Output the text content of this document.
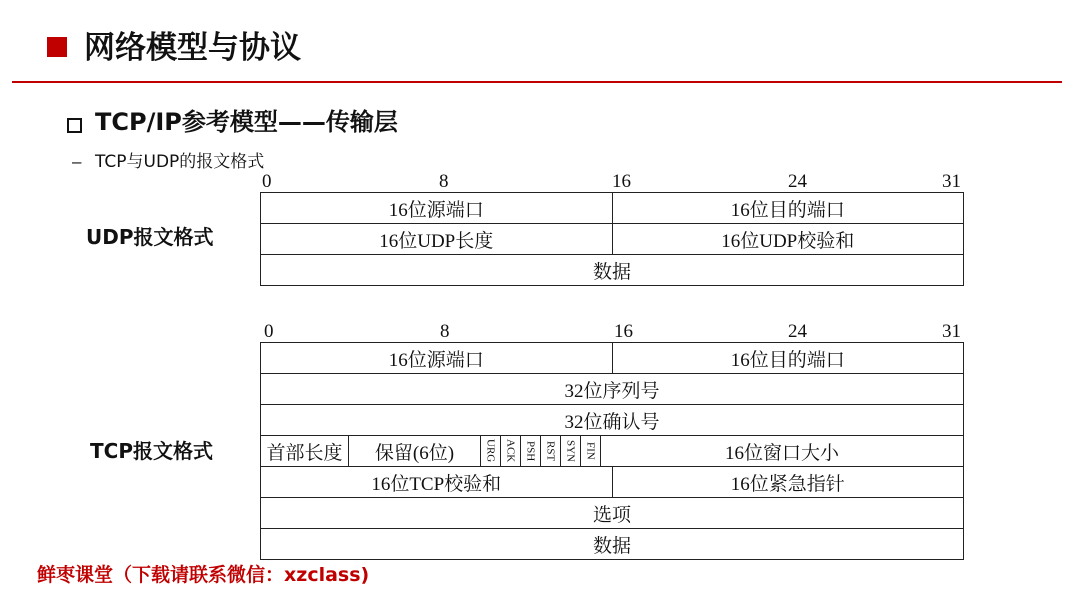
网络模型与协议
TCP/IP参考模型——传输层
– TCP与UDP的报文格式
0	8	16	24	31
UDP报文格式
16位源端口	16位目的端口
16位UDP长度	16位UDP校验和
数据
0	8	16	24	31
TCP报文格式
16位源端口	16位目的端口
32位序列号
32位确认号
首部长度	保留(6位)	URG ACK PSH RST SYN FIN	16位窗口大小
16位TCP校验和	16位紧急指针
选项
数据
鲜枣课堂（下载请联系微信：xzclass)
